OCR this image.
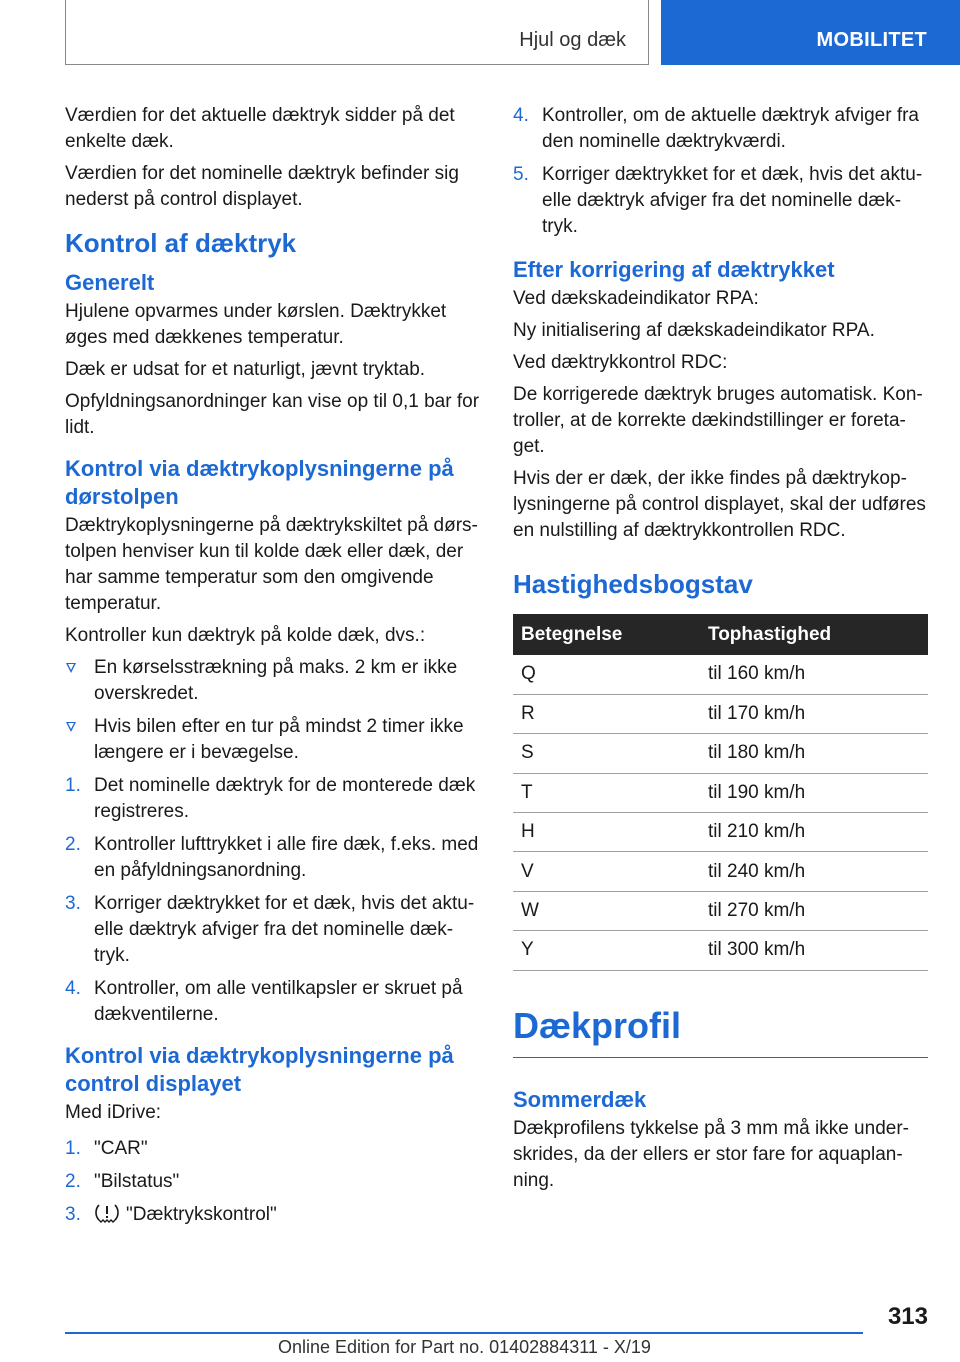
Hjul og dæk	MOBILITET

Værdien for det aktuelle dæktryk sidder på det enkelte dæk.

Værdien for det nominelle dæktryk befinder sig nederst på control displayet.

Kontrol af dæktryk
Generelt

Hjulene opvarmes under kørslen. Dæktrykket øges med dækkenes temperatur.

Dæk er udsat for et naturligt, jævnt tryktab.

Opfyldningsanordninger kan vise op til 0,1 bar for lidt.

Kontrol via dæktrykoplysningerne på dørstolpen

Dæktrykoplysningerne på dæktrykskiltet på dørstolpen henviser kun til kolde dæk eller dæk, der har samme temperatur som den omgivende temperatur.

Kontroller kun dæktryk på kolde dæk, dvs.:

En kørselsstrækning på maks. 2 km er ikke overskredet.
Hvis bilen efter en tur på mindst 2 timer ikke længere er i bevægelse.
1. Det nominelle dæktryk for de monterede dæk registreres.
2. Kontroller lufttrykket i alle fire dæk, f.eks. med en påfyldningsanordning.
3. Korriger dæktrykket for et dæk, hvis det aktuelle dæktryk afviger fra det nominelle dæktryk.
4. Kontroller, om alle ventilkapsler er skruet på dækventilerne.
Kontrol via dæktrykoplysningerne på control displayet

Med iDrive:

1. "CAR"
2. "Bilstatus"
3. "Dæktrykskontrol"
4. Kontroller, om de aktuelle dæktryk afviger fra den nominelle dæktrykværdi.
5. Korriger dæktrykket for et dæk, hvis det aktuelle dæktryk afviger fra det nominelle dæktryk.
Efter korrigering af dæktrykket

Ved dækskadeindikator RPA:

Ny initialisering af dækskadeindikator RPA.

Ved dæktrykkontrol RDC:

De korrigerede dæktryk bruges automatisk. Kontroller, at de korrekte dækindstillinger er foretaget.

Hvis der er dæk, der ikke findes på dæktrykoplysningerne på control displayet, skal der udføres en nulstilling af dæktrykkontrollen RDC.

Hastighedsbogstav
Betegnelse	Tophastighed
Q	til 160 km/h
R	til 170 km/h
S	til 180 km/h
T	til 190 km/h
H	til 210 km/h
V	til 240 km/h
W	til 270 km/h
Y	til 300 km/h
Dækprofil
Sommerdæk

Dækprofilens tykkelse på 3 mm må ikke underskrides, da der ellers er stor fare for aquaplanning.

313
Online Edition for Part no. 01402884311 - X/19
